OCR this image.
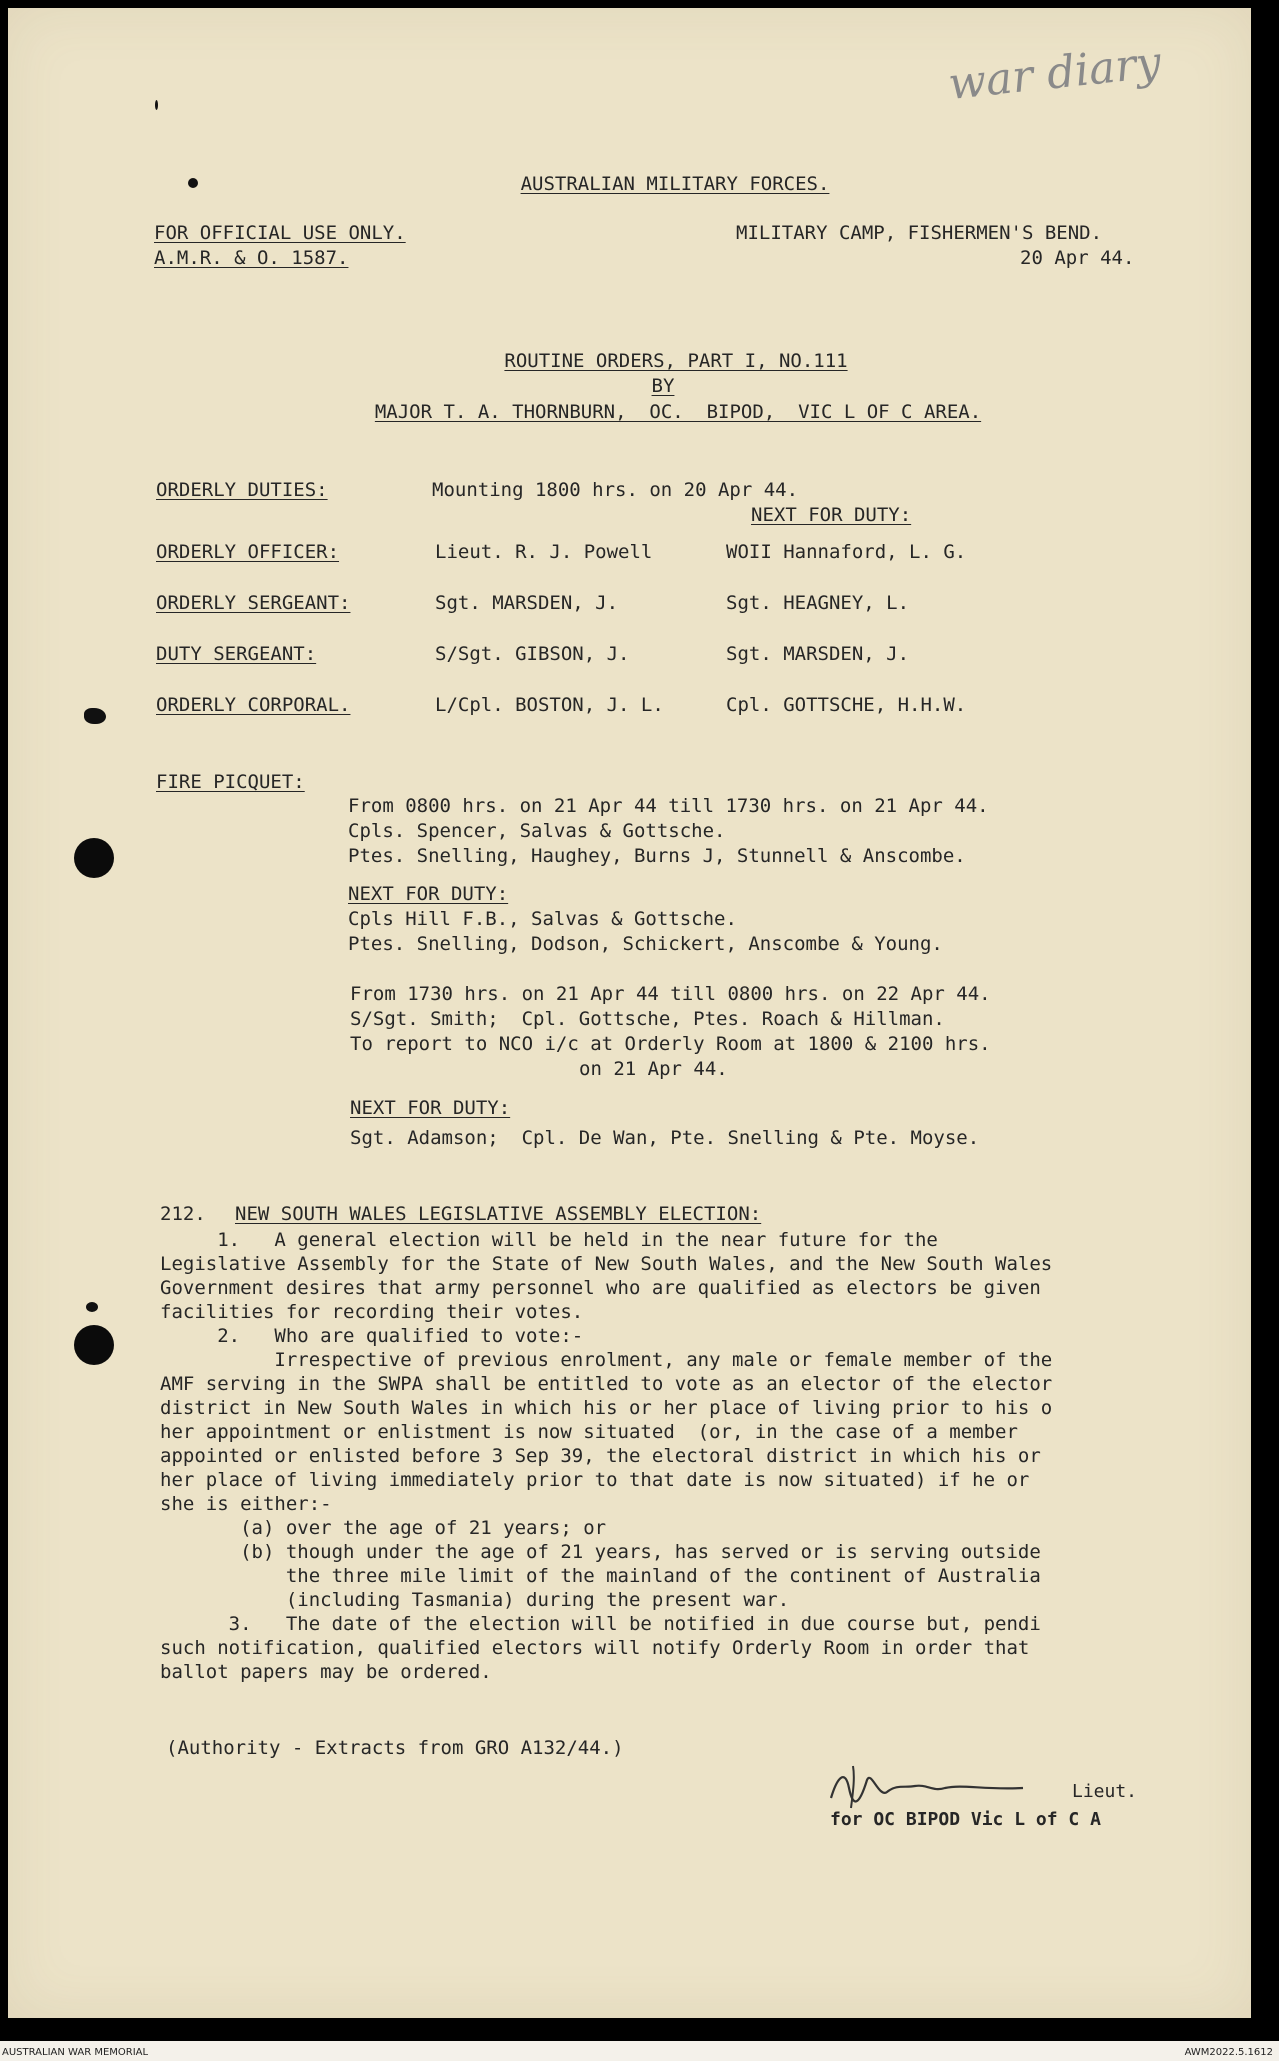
war diary
AUSTRALIAN MILITARY FORCES.
FOR OFFICIAL USE ONLY.
A.M.R. & O. 1587.
MILITARY CAMP, FISHERMEN'S BEND.
20 Apr 44.
ROUTINE ORDERS, PART I, NO.111
BY
MAJOR T. A. THORNBURN,  OC.  BIPOD,  VIC L OF C AREA.
ORDERLY DUTIES:	Mounting 1800 hrs. on 20 Apr 44.
NEXT FOR DUTY:
ORDERLY OFFICER:	Lieut. R. J. Powell	WOII Hannaford, L. G.
ORDERLY SERGEANT:	Sgt. MARSDEN, J.	Sgt. HEAGNEY, L.
DUTY SERGEANT:	S/Sgt. GIBSON, J.	Sgt. MARSDEN, J.
ORDERLY CORPORAL.	L/Cpl. BOSTON, J. L.	Cpl. GOTTSCHE, H.H.W.
FIRE PICQUET:
From 0800 hrs. on 21 Apr 44 till 1730 hrs. on 21 Apr 44.
Cpls. Spencer, Salvas & Gottsche.
Ptes. Snelling, Haughey, Burns J, Stunnell & Anscombe.
NEXT FOR DUTY:
Cpls Hill F.B., Salvas & Gottsche.
Ptes. Snelling, Dodson, Schickert, Anscombe & Young.
From 1730 hrs. on 21 Apr 44 till 0800 hrs. on 22 Apr 44.
S/Sgt. Smith;  Cpl. Gottsche, Ptes. Roach & Hillman.
To report to NCO i/c at Orderly Room at 1800 & 2100 hrs.
on 21 Apr 44.
NEXT FOR DUTY:
Sgt. Adamson;  Cpl. De Wan, Pte. Snelling & Pte. Moyse.
212. NEW SOUTH WALES LEGISLATIVE ASSEMBLY ELECTION:
1.   A general election will be held in the near future for the
Legislative Assembly for the State of New South Wales, and the New South Wales
Government desires that army personnel who are qualified as electors be given
facilities for recording their votes.
2.   Who are qualified to vote:-
Irrespective of previous enrolment, any male or female member of the
AMF serving in the SWPA shall be entitled to vote as an elector of the elector
district in New South Wales in which his or her place of living prior to his o
her appointment or enlistment is now situated  (or, in the case of a member
appointed or enlisted before 3 Sep 39, the electoral district in which his or
her place of living immediately prior to that date is now situated) if he or
she is either:-
(a) over the age of 21 years; or
(b) though under the age of 21 years, has served or is serving outside
the three mile limit of the mainland of the continent of Australia
(including Tasmania) during the present war.
3.   The date of the election will be notified in due course but, pendi
such notification, qualified electors will notify Orderly Room in order that
ballot papers may be ordered.
(Authority - Extracts from GRO A132/44.)
Lieut.
for OC BIPOD Vic L of C A
AUSTRALIAN WAR MEMORIAL	AWM2022.5.1612
